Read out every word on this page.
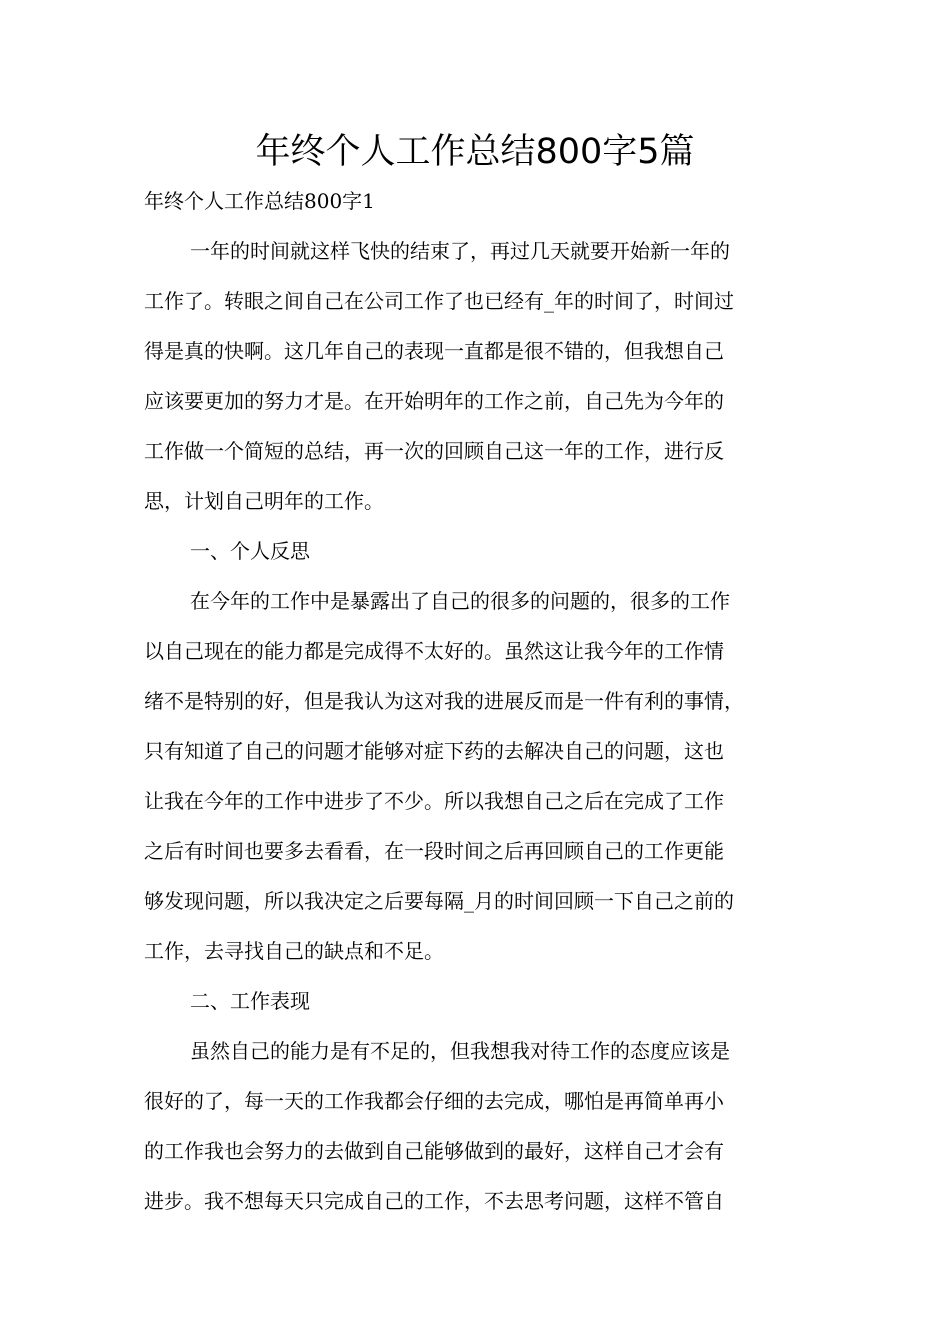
年终个人工作总结800字5篇

年终个人工作总结800字1

一年的时间就这样飞快的结束了，再过几天就要开始新一年的

工作了。转眼之间自己在公司工作了也已经有_年的时间了，时间过

得是真的快啊。这几年自己的表现一直都是很不错的，但我想自己

应该要更加的努力才是。在开始明年的工作之前，自己先为今年的

工作做一个简短的总结，再一次的回顾自己这一年的工作，进行反

思，计划自己明年的工作。

一、个人反思

在今年的工作中是暴露出了自己的很多的问题的，很多的工作

以自己现在的能力都是完成得不太好的。虽然这让我今年的工作情

绪不是特别的好，但是我认为这对我的进展反而是一件有利的事情，

只有知道了自己的问题才能够对症下药的去解决自己的问题，这也

让我在今年的工作中进步了不少。所以我想自己之后在完成了工作

之后有时间也要多去看看，在一段时间之后再回顾自己的工作更能

够发现问题，所以我决定之后要每隔_月的时间回顾一下自己之前的

工作，去寻找自己的缺点和不足。

二、工作表现

虽然自己的能力是有不足的，但我想我对待工作的态度应该是

很好的了，每一天的工作我都会仔细的去完成，哪怕是再简单再小

的工作我也会努力的去做到自己能够做到的最好，这样自己才会有

进步。我不想每天只完成自己的工作，不去思考问题，这样不管自
